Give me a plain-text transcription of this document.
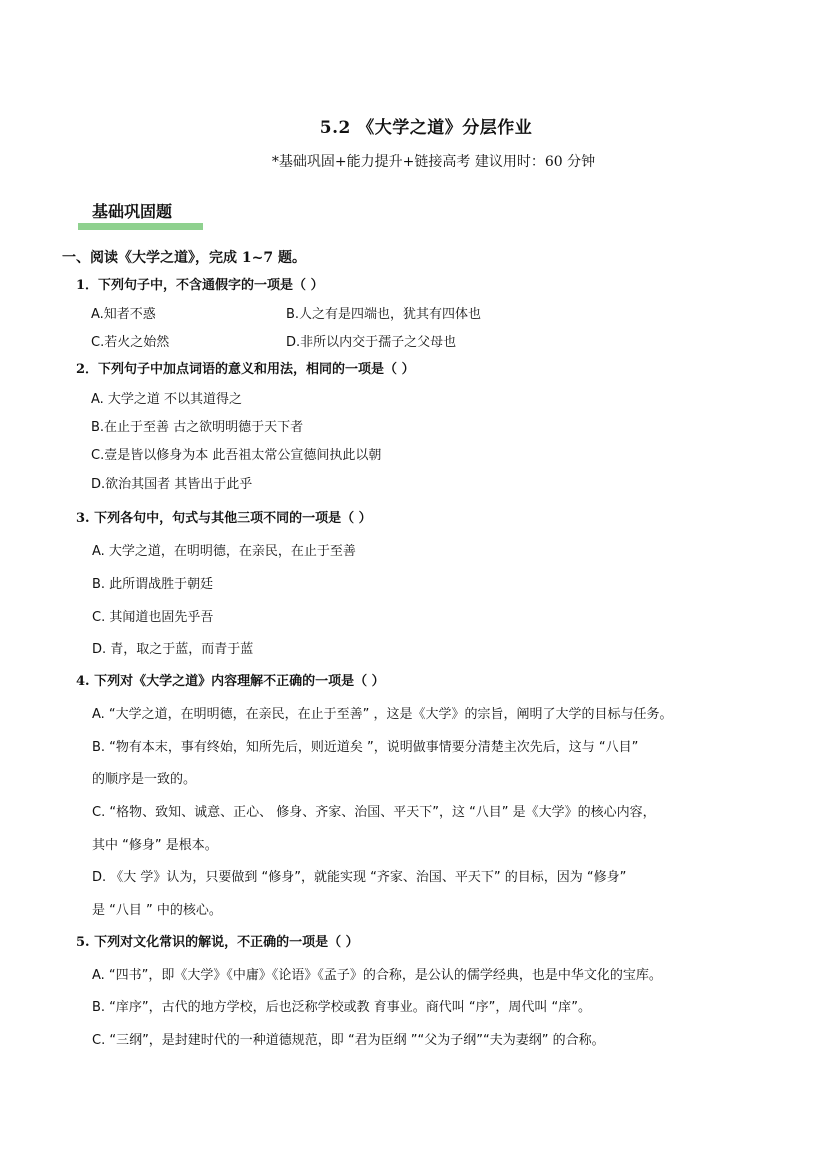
5.2 《大学之道》分层作业
*基础巩固+能力提升+链接高考 建议用时：60 分钟
基础巩固题
一、阅读《大学之道》，完成 1~7 题。
1．下列句子中，不含通假字的一项是（ ）
A.知者不惑	B.人之有是四端也，犹其有四体也
C.若火之始然	D.非所以内交于孺子之父母也
2．下列句子中加点词语的意义和用法，相同的一项是（ ）
A. 大学之道 不以其道得之
B.在止于至善 古之欲明明德于天下者
C.壹是皆以修身为本 此吾祖太常公宣德间执此以朝
D.欲治其国者 其皆出于此乎
3. 下列各句中，句式与其他三项不同的一项是（ ）
A. 大学之道，在明明德，在亲民，在止于至善
B. 此所谓战胜于朝廷
C. 其闻道也固先乎吾
D. 青，取之于蓝，而青于蓝
4. 下列对《大学之道》内容理解不正确的一项是（ ）
A. “大学之道，在明明德，在亲民，在止于至善” ，这是《大学》的宗旨，阐明了大学的目标与任务。
B. “物有本末，事有终始，知所先后，则近道矣 ”，说明做事情要分清楚主次先后，这与 “八目”
的顺序是一致的。
C. “格物、致知、诚意、正心、 修身、齐家、治国、平天下”，这 “八目” 是《大学》的核心内容，
其中 “修身” 是根本。
D. 《大 学》认为，只要做到 “修身”，就能实现 “齐家、治国、平天下” 的目标，因为 “修身”
是 “八目 ” 中的核心。
5. 下列对文化常识的解说，不正确的一项是（ ）
A. “四书”，即《大学》《中庸》《论语》《孟子》的合称，是公认的儒学经典，也是中华文化的宝库。
B. “庠序”，古代的地方学校，后也泛称学校或教 育事业。商代叫 “序”，周代叫 “庠”。
C. “三纲”，是封建时代的一种道德规范，即 “君为臣纲 ”“父为子纲”“夫为妻纲” 的合称。
